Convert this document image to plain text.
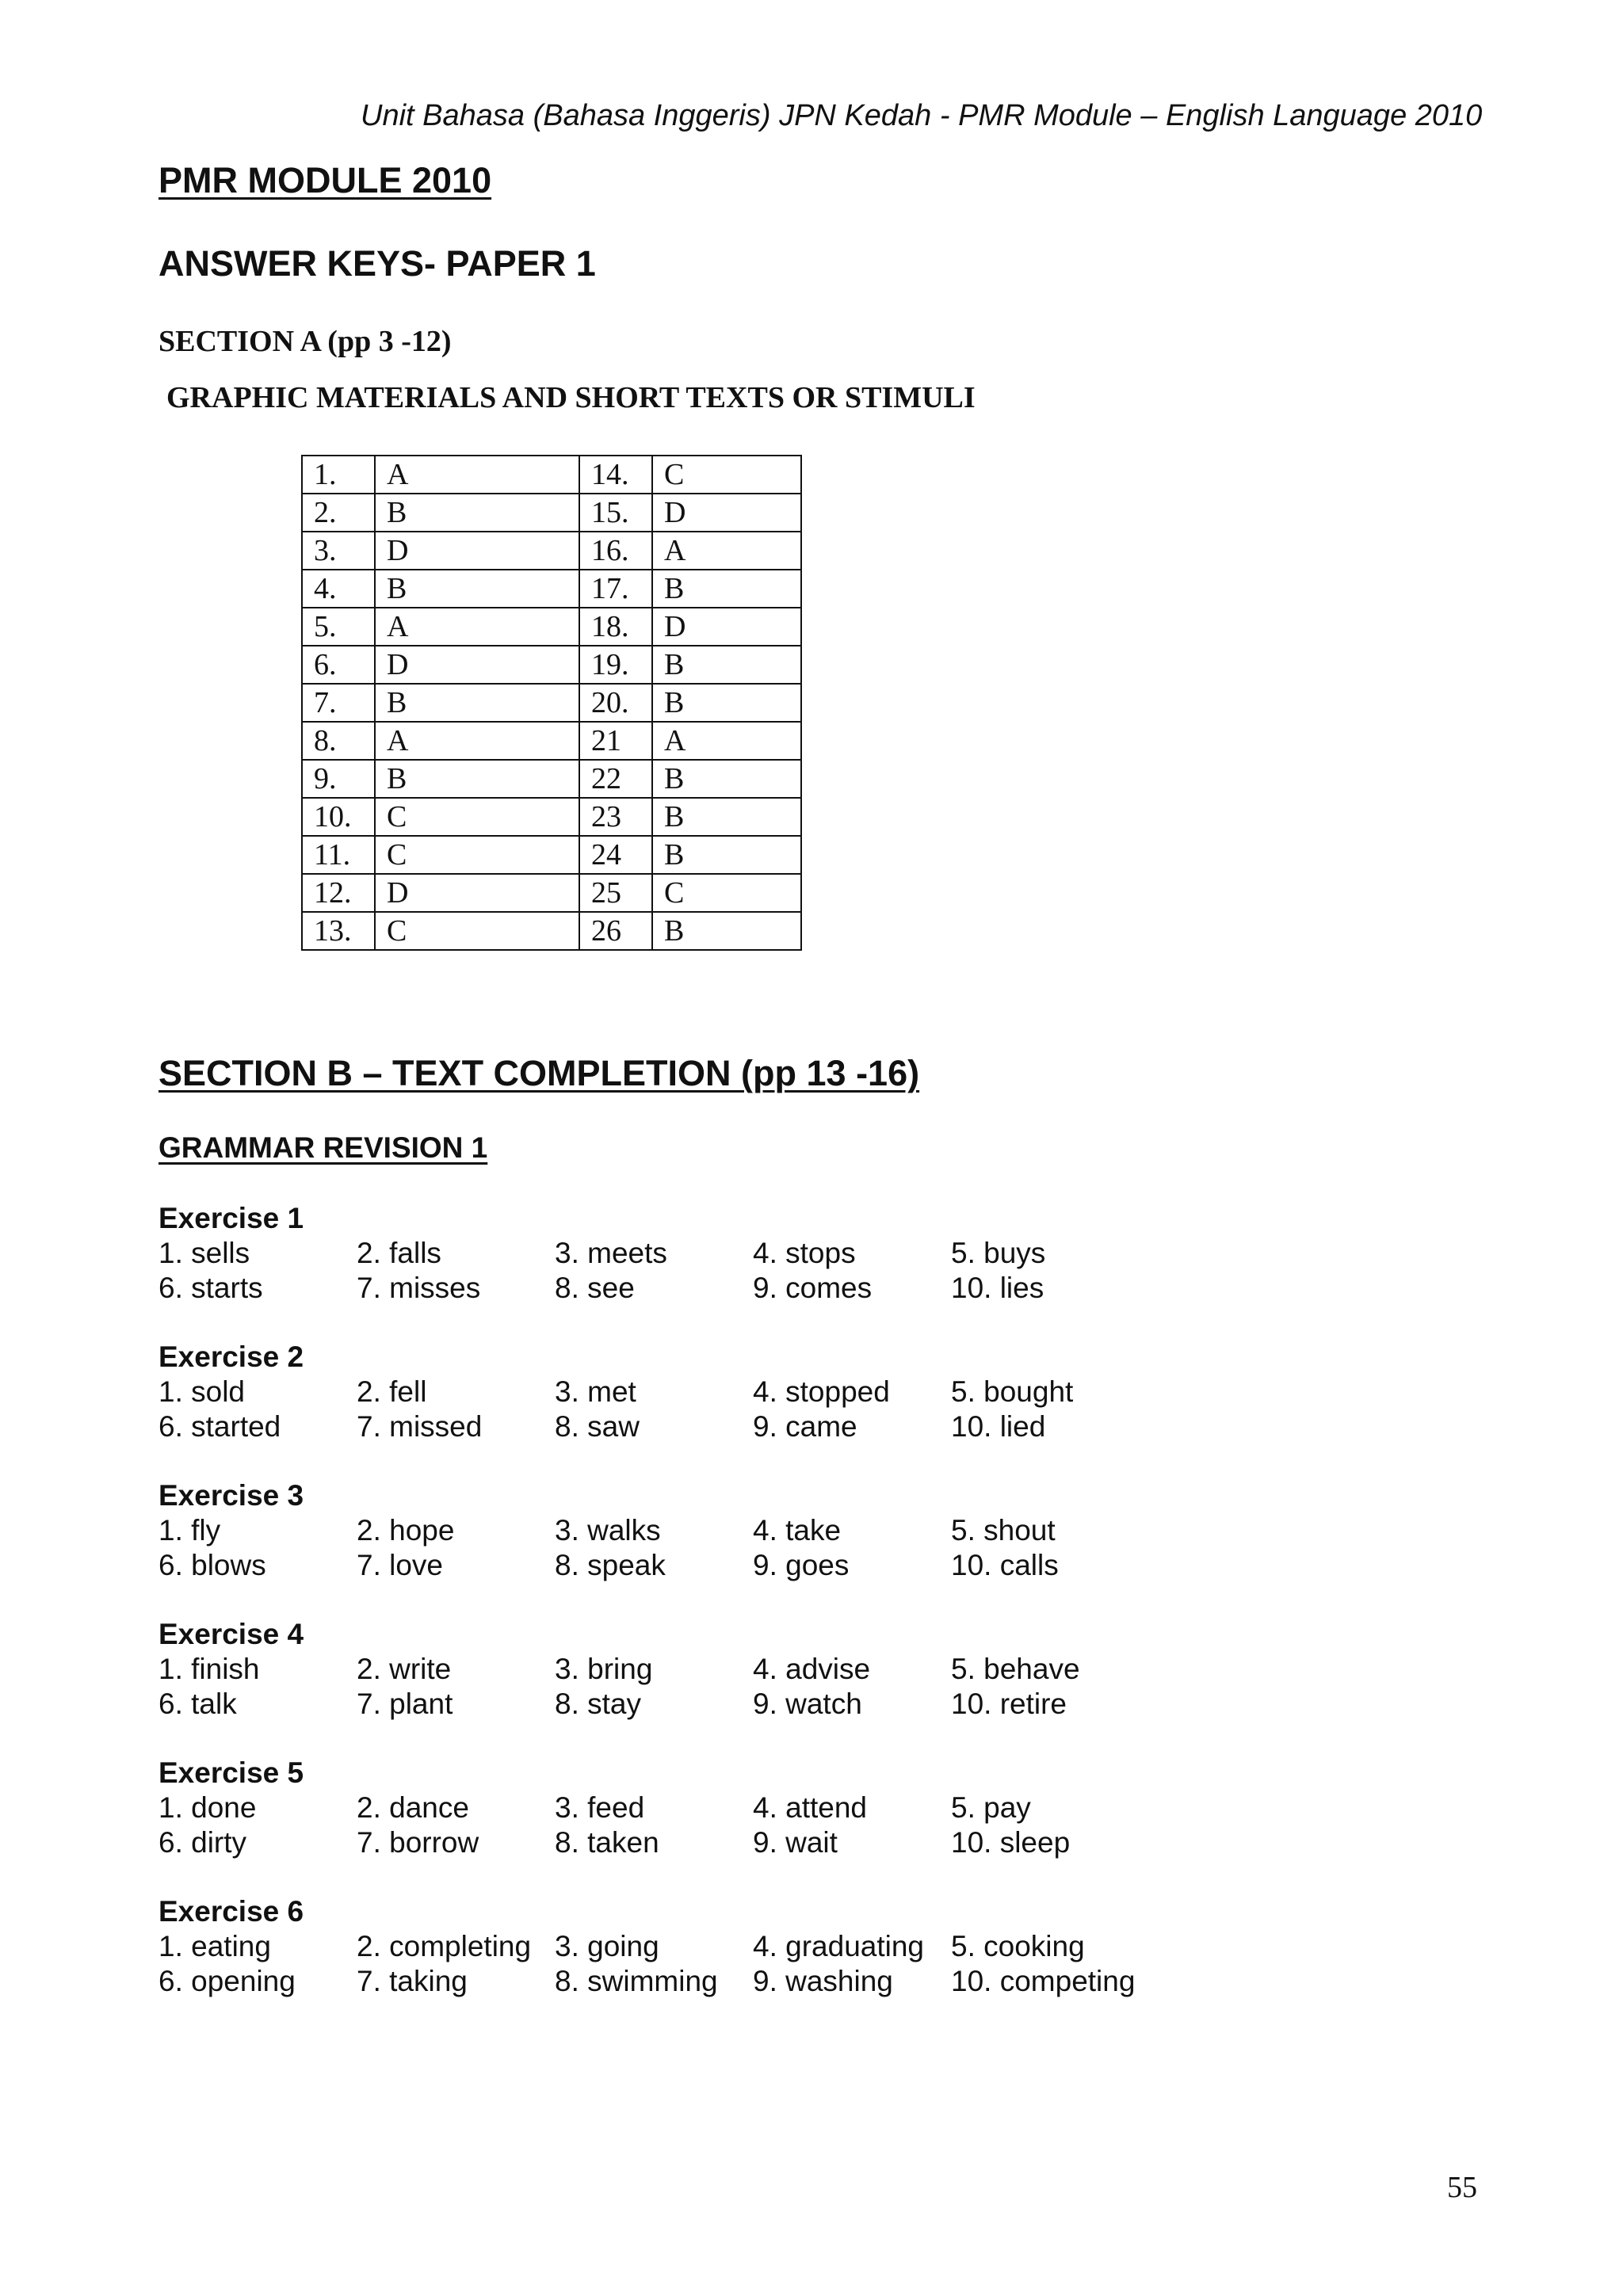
Unit Bahasa (Bahasa Inggeris) JPN Kedah - PMR Module – English Language 2010
PMR MODULE 2010
ANSWER KEYS- PAPER 1
SECTION A (pp 3 -12)
GRAPHIC MATERIALS AND SHORT TEXTS OR STIMULI
1.	A	14.	C
2.	B	15.	D
3.	D	16.	A
4.	B	17.	B
5.	A	18.	D
6.	D	19.	B
7.	B	20.	B
8.	A	21	A
9.	B	22	B
10.	C	23	B
11.	C	24	B
12.	D	25	C
13.	C	26	B
SECTION B – TEXT COMPLETION (pp 13 -16)
GRAMMAR REVISION 1
Exercise 1
1. sells	2. falls	3. meets	4. stops	5. buys
6. starts	7. misses	8. see	9. comes	10. lies
Exercise 2
1. sold	2. fell	3. met	4. stopped	5. bought
6. started	7. missed	8. saw	9. came	10. lied
Exercise 3
1. fly	2. hope	3. walks	4. take	5. shout
6. blows	7. love	8. speak	9. goes	10. calls
Exercise 4
1. finish	2. write	3. bring	4. advise	5. behave
6. talk	7. plant	8. stay	9. watch	10. retire
Exercise 5
1. done	2. dance	3. feed	4. attend	5. pay
6. dirty	7. borrow	8. taken	9. wait	10. sleep
Exercise 6
1. eating	2. completing 3. going	4. graduating 5. cooking
6. opening	7. taking	8. swimming	9. washing	10. competing
55
